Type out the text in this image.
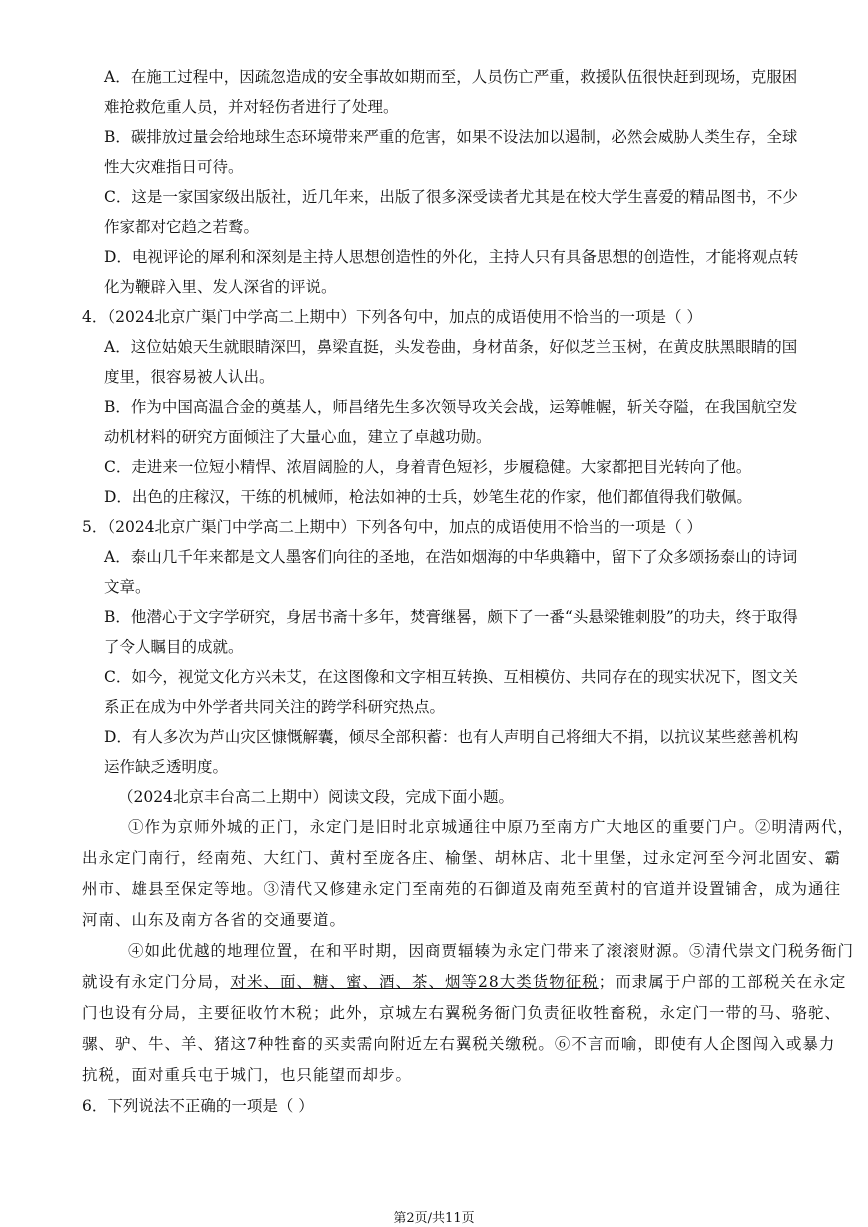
A．在施工过程中，因疏忽造成的安全事故如期而至，人员伤亡严重，救援队伍很快赶到现场，克服困
难抢救危重人员，并对轻伤者进行了处理。
B．碳排放过量会给地球生态环境带来严重的危害，如果不设法加以遏制，必然会威胁人类生存，全球
性大灾难指日可待。
C．这是一家国家级出版社，近几年来，出版了很多深受读者尤其是在校大学生喜爱的精品图书，不少
作家都对它趋之若鹜。
D．电视评论的犀利和深刻是主持人思想创造性的外化，主持人只有具备思想的创造性，才能将观点转
化为鞭辟入里、发人深省的评说。
4．（2024北京广渠门中学高二上期中）下列各句中，加点的成语使用不恰当的一项是（ ）
A．这位姑娘天生就眼睛深凹，鼻梁直挺，头发卷曲，身材苗条，好似芝兰玉树，在黄皮肤黑眼睛的国
度里，很容易被人认出。
B．作为中国高温合金的奠基人，师昌绪先生多次领导攻关会战，运筹帷幄，斩关夺隘，在我国航空发
动机材料的研究方面倾注了大量心血，建立了卓越功勋。
C．走进来一位短小精悍、浓眉阔脸的人，身着青色短衫，步履稳健。大家都把目光转向了他。
D．出色的庄稼汉，干练的机械师，枪法如神的士兵，妙笔生花的作家，他们都值得我们敬佩。
5．（2024北京广渠门中学高二上期中）下列各句中，加点的成语使用不恰当的一项是（ ）
A．泰山几千年来都是文人墨客们向往的圣地，在浩如烟海的中华典籍中，留下了众多颂扬泰山的诗词
文章。
B．他潜心于文字学研究，身居书斋十多年，焚膏继晷，颇下了一番“头悬梁锥刺股”的功夫，终于取得
了令人瞩目的成就。
C．如今，视觉文化方兴未艾，在这图像和文字相互转换、互相模仿、共同存在的现实状况下，图文关
系正在成为中外学者共同关注的跨学科研究热点。
D．有人多次为芦山灾区慷慨解囊，倾尽全部积蓄：也有人声明自己将细大不捐，以抗议某些慈善机构
运作缺乏透明度。
（2024北京丰台高二上期中）阅读文段，完成下面小题。
①作为京师外城的正门，永定门是旧时北京城通往中原乃至南方广大地区的重要门户。②明清两代，
出永定门南行，经南苑、大红门、黄村至庞各庄、榆堡、胡林店、北十里堡，过永定河至今河北固安、霸
州市、雄县至保定等地。③清代又修建永定门至南苑的石御道及南苑至黄村的官道并设置铺舍，成为通往
河南、山东及南方各省的交通要道。
④如此优越的地理位置，在和平时期，因商贾辐辏为永定门带来了滚滚财源。⑤清代崇文门税务衙门
就设有永定门分局，对米、面、糖、蜜、酒、茶、烟等28大类货物征税；而隶属于户部的工部税关在永定
门也设有分局，主要征收竹木税；此外，京城左右翼税务衙门负责征收牲畜税，永定门一带的马、骆驼、
骡、驴、牛、羊、猪这7种牲畜的买卖需向附近左右翼税关缴税。⑥不言而喻，即使有人企图闯入或暴力
抗税，面对重兵屯于城门，也只能望而却步。
6．下列说法不正确的一项是（ ）
第2页/共11页
